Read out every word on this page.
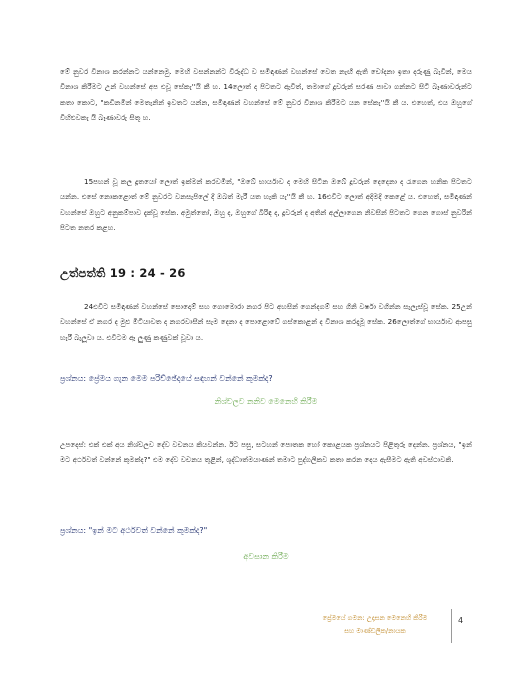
මේ නුවර විනාශ කරන්නට යන්නෙමු. මෙහි වසන්නන්ට විරුද්ධ ව සමිඳාණන් වහන්සේ වෙත නැඟී ඇති චෝදනා ඉතා දරුණු බැවින්, මෙය විනාශ කිරීමට උන් වහන්සේ අප එවූ සේකැ''යි කී හ. 14ලොත් ද පිටතට ඇවිත්, තමාගේ දූවරුන් සරණ පාවා ගන්නට සිටි බෑණාවරුන්ට කතා කොට, "කඩිනමින් මෙතැනින් ඉවතට යන්න, සමිඳාණන් වහන්සේ මේ නුවර විනාශ කිරීමට යන සේකැ''යි කී ය. එහෙත්, එය ඔහුගේ විහිළුවකැ යි බෑණාවරු සිතූ හ.

15පහන් වූ කල දූතයෝ ලොත් ඉක්මන් කරවමින්, "ඔබේ භාර්යාව ද මෙහි සිටින ඔබේ දූවරුන් දෙදෙනා ද රැගෙන හනික පිටතට යන්න. එසේ නොකළොත් මේ නුවරට වනසැපිලේ දී ඔබත් මැරී යත හැකි යැ''යි කී හ. 16එවිට ලොත් අදිමදි කෙළේ ය. එහෙත්, සමිඳාණන් වහන්සේ ඔහුට අනුකම්පාව දැක්වූ සේක. අමුත්තෝ, ඔහු ද, ඔහුගේ බිරිඳ ද, දූවරුන් ද අතින් අල්ලාගෙන නිවසින් පිටතට ගෙන ගොස් නුවරින් පිටත නතර කළහ.

උත්පත්ති 19 : 24 - 26

24එවිට සමිඳාණන් වහන්සේ සොදොම් සහ ගොමොරා නගර පිට අහසින් ගෙන්දගම් සහ ගිනි වර්ෂා වගින්න සැලැස්වූ සේක. 25උන් වහන්සේ ඒ නගර ද මුළු මිටියාවත ද නගරවාසීන් සැම දෙනා ද පොළොවේ ගස්කොළන් ද විනාශ කරදැමූ සේක. 26ලොත්ගේ භාර්යාව ආපසු හැරී බැලූවා ය. එවිටම ඈ ලුණු කණුවක් වූවා ය.

ප්‍රශ්නය: ප්‍රේමය ගැන මෙම පරිච්ඡේදයේ සඳහන් වන්නේ කුමක්ද?

නිශ්චලව නනිව මෙනෙහි කිරීම

උපදෙස්: එක් එක් අය නිශ්චලව දේව වචනය කියවන්න. ඊට පසු, සටහන් පොතක හෝ කොළයක ප්‍රශ්නයට පිළිතුරු දෙන්න. ප්‍රශ්නය, "ඉන් මට අර්ථවත් වන්නේ කුමක්ද?" එම දේව වචනය තුළින්, ශුද්ධාත්මයාණන් තමාට පුද්ගලිකව කතා කරන දෙය ඇසීමට ඇති අවස්ථාවකි.

ප්‍රශ්නය: "ඉන් මට අර්ථවත් වන්නේ කුමක්ද?"

අවසාන කිරීම

ප්‍රේමයේ ගමන: උදෑසන මෙනෙහි කිරීම
සහ මාණ්ඩලික/නායක
4
